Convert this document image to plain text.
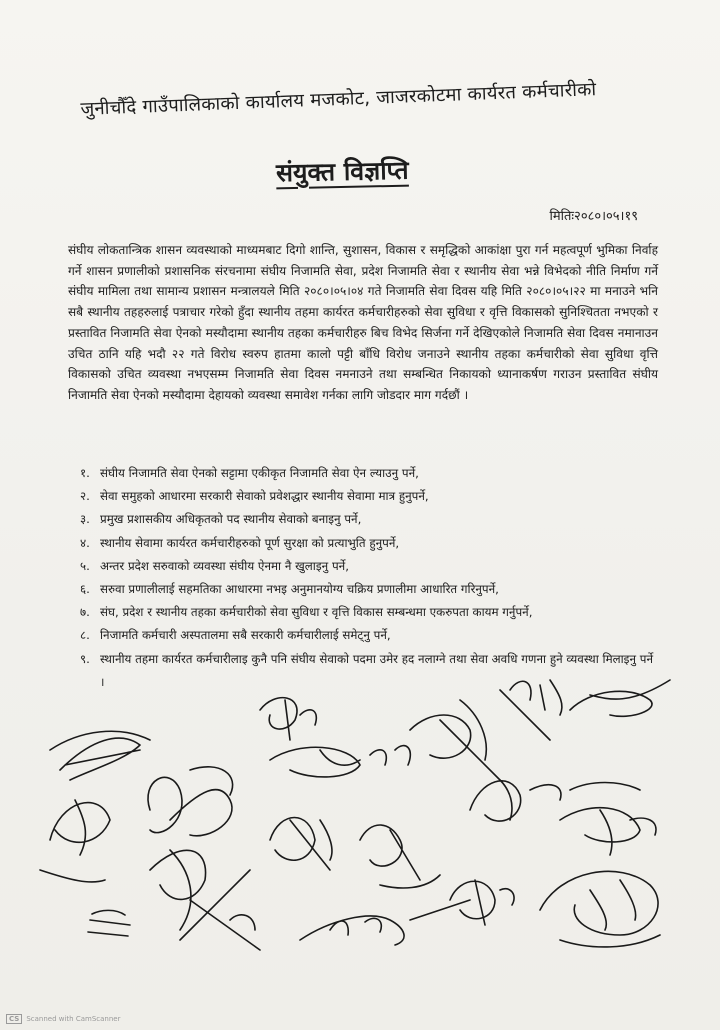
जुनीचौँदे गाउँपालिकाको कार्यालय मजकोट, जाजरकोटमा कार्यरत कर्मचारीको
संयुक्त विज्ञप्ति
मितिः२०८०।०५।१९
संघीय लोकतान्त्रिक शासन व्यवस्थाको माध्यमबाट दिगो शान्ति, सुशासन, विकास र समृद्धिको आकांक्षा पुरा गर्न महत्वपूर्ण भुमिका निर्वाह गर्ने शासन प्रणालीको प्रशासनिक संरचनामा संघीय निजामति सेवा, प्रदेश निजामति सेवा र स्थानीय सेवा भन्ने विभेदको नीति निर्माण गर्ने संघीय मामिला तथा सामान्य प्रशासन मन्त्रालयले मिति २०८०।०५।०४ गते निजामति सेवा दिवस यहि मिति २०८०।०५।२२ मा मनाउने भनि सबै स्थानीय तहहरुलाई पत्राचार गरेको हुँदा स्थानीय तहमा कार्यरत कर्मचारीहरुको सेवा सुविधा र वृत्ति विकासको सुनिश्चितता नभएको र प्रस्तावित निजामति सेवा ऐनको मस्यौदामा स्थानीय तहका कर्मचारीहरु बिच विभेद सिर्जना गर्ने देखिएकोले निजामति सेवा दिवस नमानाउन उचित ठानि यहि भदौ २२ गते विरोध स्वरुप हातमा कालो पट्टी बाँधि विरोध जनाउने स्थानीय तहका कर्मचारीको सेवा सुविधा वृत्ति विकासको उचित व्यवस्था नभएसम्म निजामति सेवा दिवस नमनाउने तथा सम्बन्धित निकायको ध्यानाकर्षण गराउन प्रस्तावित संघीय निजामति सेवा ऐनको मस्यौदामा देहायको व्यवस्था समावेश गर्नका लागि जोडदार माग गर्दछौं ।
१. संघीय निजामति सेवा ऐनको सट्टामा एकीकृत निजामति सेवा ऐन ल्याउनु पर्ने,
२. सेवा समुहको आधारमा सरकारी सेवाको प्रवेशद्धार स्थानीय सेवामा मात्र हुनुपर्ने,
३. प्रमुख प्रशासकीय अधिकृतको पद स्थानीय सेवाको बनाइनु पर्ने,
४. स्थानीय सेवामा कार्यरत कर्मचारीहरुको पूर्ण सुरक्षा को प्रत्याभुति हुनुपर्ने,
५. अन्तर प्रदेश सरुवाको व्यवस्था संघीय ऐनमा नै खुलाइनु पर्ने,
६. सरुवा प्रणालीलाई सहमतिका आधारमा नभइ अनुमानयोग्य चक्रिय प्रणालीमा आधारित गरिनुपर्ने,
७. संघ, प्रदेश र स्थानीय तहका कर्मचारीको सेवा सुविधा र वृत्ति विकास सम्बन्धमा एकरुपता कायम गर्नुपर्ने,
८. निजामति कर्मचारी अस्पतालमा सबै सरकारी कर्मचारीलाई समेट्नु पर्ने,
९. स्थानीय तहमा कार्यरत कर्मचारीलाइ कुनै पनि संघीय सेवाको पदमा उमेर हद नलाग्ने तथा सेवा अवधि गणना हुने व्यवस्था मिलाइनु पर्ने ।
CS	Scanned with CamScanner
